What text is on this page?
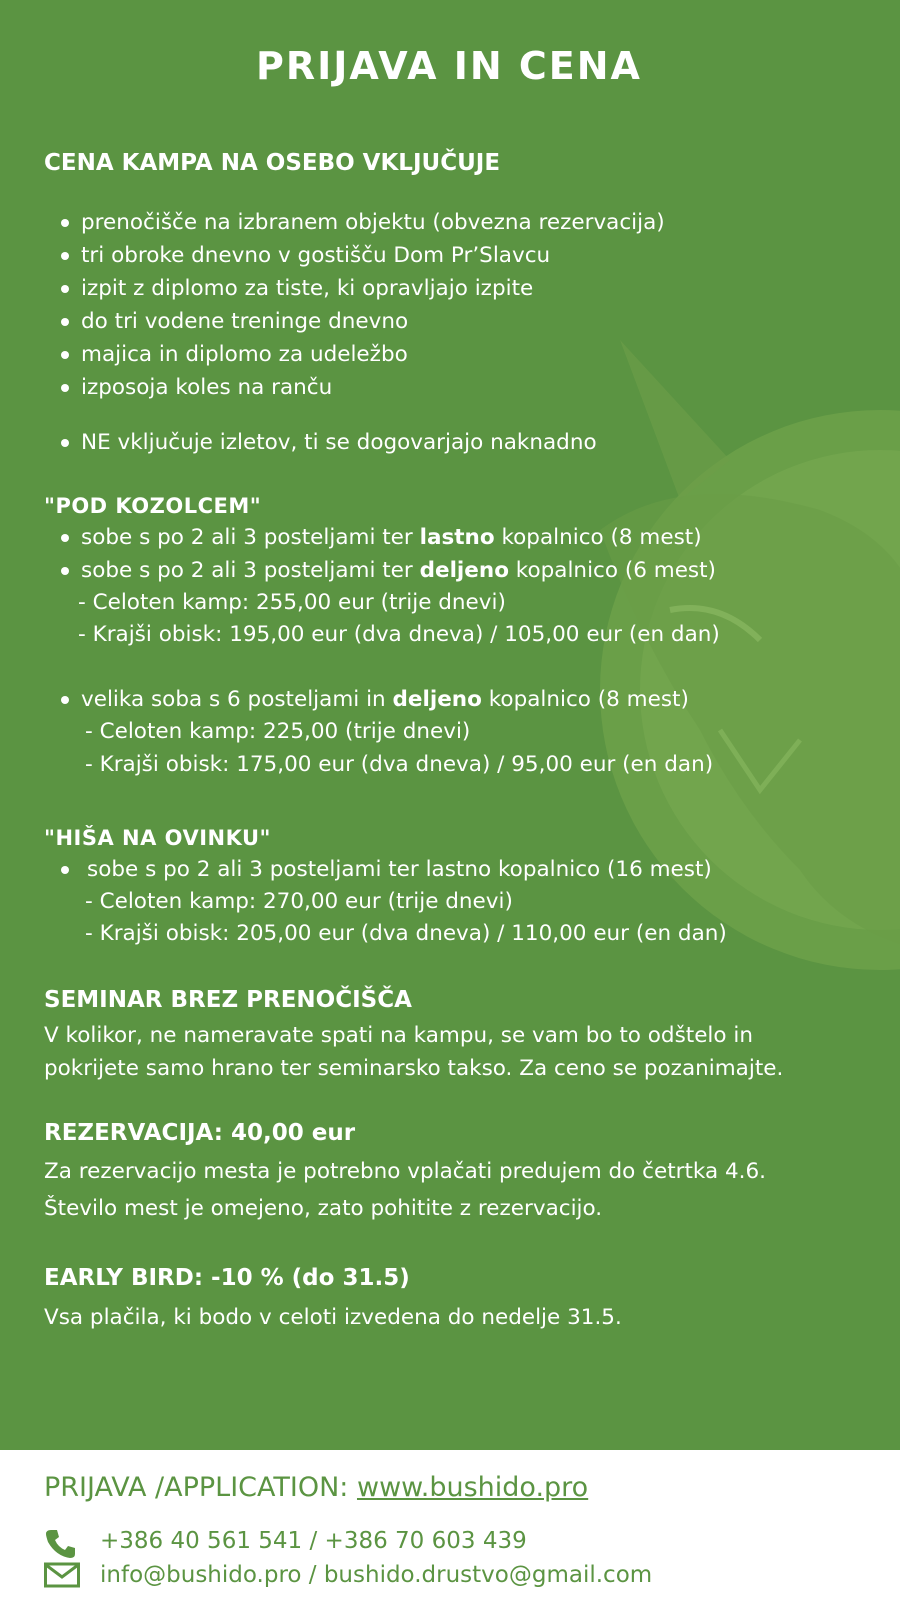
PRIJAVA IN CENA
CENA KAMPA NA OSEBO VKLJUČUJE
prenočišče na izbranem objektu (obvezna rezervacija)
tri obroke dnevno v gostišču Dom Pr’Slavcu
izpit z diplomo za tiste, ki opravljajo izpite
do tri vodene treninge dnevno
majica in diplomo za udeležbo
izposoja koles na ranču
NE vključuje izletov, ti se dogovarjajo naknadno
"POD KOZOLCEM"
sobe s po 2 ali 3 posteljami ter lastno kopalnico (8 mest)
sobe s po 2 ali 3 posteljami ter deljeno kopalnico (6 mest)
- Celoten kamp: 255,00 eur (trije dnevi)
- Krajši obisk: 195,00 eur (dva dneva) / 105,00 eur (en dan)
velika soba s 6 posteljami in deljeno kopalnico (8 mest)
- Celoten kamp: 225,00 (trije dnevi)
- Krajši obisk: 175,00 eur (dva dneva) / 95,00 eur (en dan)
"HIŠA NA OVINKU"
sobe s po 2 ali 3 posteljami ter lastno kopalnico (16 mest)
- Celoten kamp: 270,00 eur (trije dnevi)
- Krajši obisk: 205,00 eur (dva dneva) / 110,00 eur (en dan)
SEMINAR BREZ PRENOČIŠČA
V kolikor, ne nameravate spati na kampu, se vam bo to odštelo in
pokrijete samo hrano ter seminarsko takso. Za ceno se pozanimajte.
REZERVACIJA: 40,00 eur
Za rezervacijo mesta je potrebno vplačati predujem do četrtka 4.6.
Število mest je omejeno, zato pohitite z rezervacijo.
EARLY BIRD: -10 % (do 31.5)
Vsa plačila, ki bodo v celoti izvedena do nedelje 31.5.
PRIJAVA /APPLICATION: www.bushido.pro
+386 40 561 541 / +386 70 603 439
info@bushido.pro / bushido.drustvo@gmail.com
